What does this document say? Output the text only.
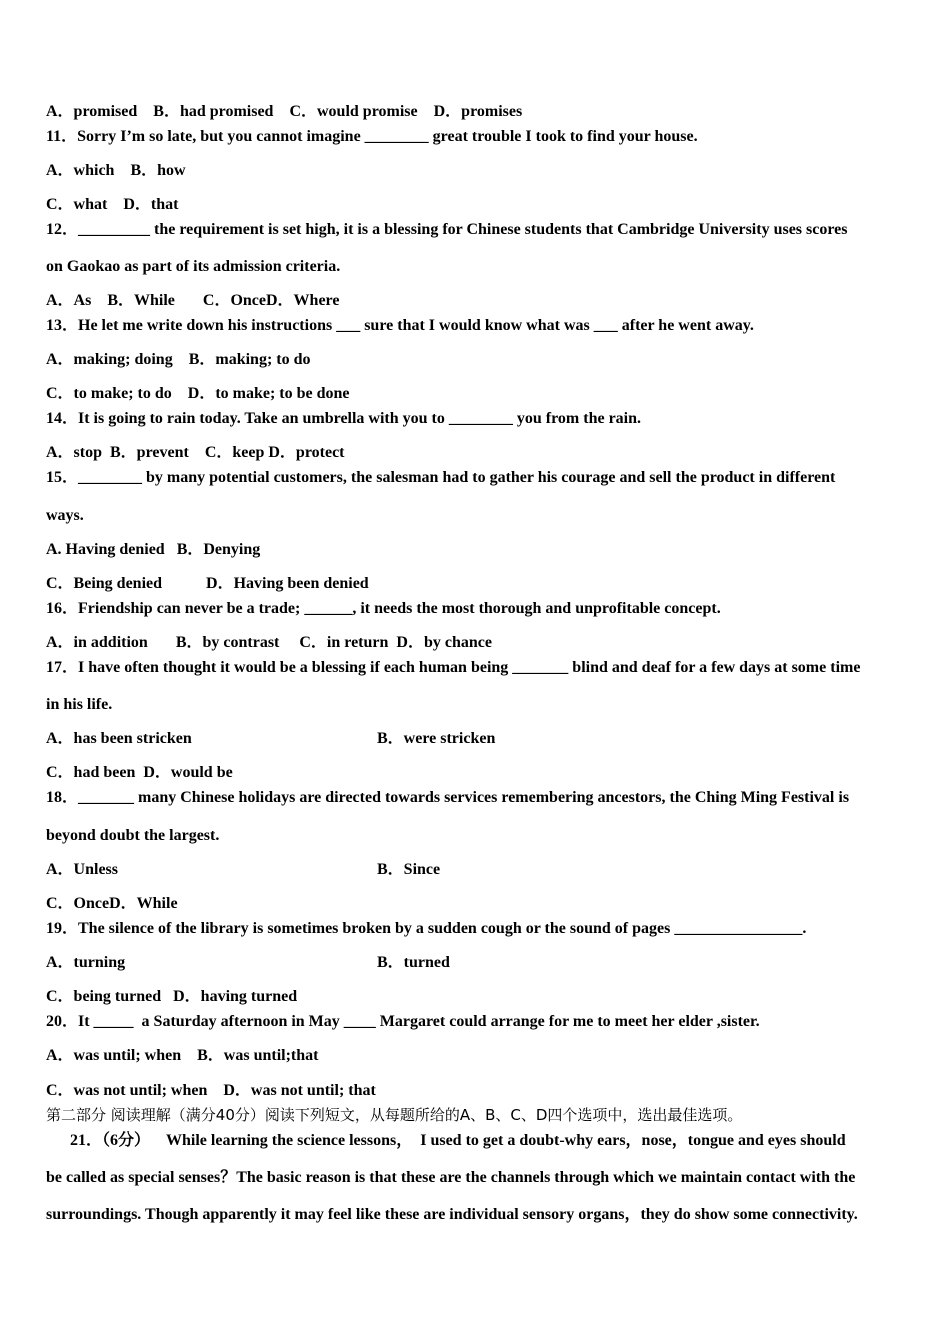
A．promised    B．had promised    C．would promise    D．promises
11．Sorry I’m so late, but you cannot imagine ________ great trouble I took to find your house.
A．which    B．how
C．what    D．that
12．_________ the requirement is set high, it is a blessing for Chinese students that Cambridge University uses scores
on Gaokao as part of its admission criteria.
A．As    B．While       C．OnceD．Where
13．He let me write down his instructions ___ sure that I would know what was ___ after he went away.
A．making; doing    B．making; to do
C．to make; to do    D．to make; to be done
14．It is going to rain today. Take an umbrella with you to ________ you from the rain.
A．stop  B．prevent    C．keep D．protect
15．________ by many potential customers, the salesman had to gather his courage and sell the product in different
ways.
A. Having denied   B．Denying
C．Being denied           D．Having been denied
16．Friendship can never be a trade; ______, it needs the most thorough and unprofitable concept.
A．in addition       B．by contrast     C．in return  D．by chance
17．I have often thought it would be a blessing if each human being _______ blind and deaf for a few days at some time
in his life.
A．has been stricken	B．were stricken
C．had been  D．would be
18．_______ many Chinese holidays are directed towards services remembering ancestors, the Ching Ming Festival is
beyond doubt the largest.
A．Unless	B．Since
C．OnceD．While
19．The silence of the library is sometimes broken by a sudden cough or the sound of pages ________________.
A．turning	B．turned
C．being turned   D．having turned
20．It _____  a Saturday afternoon in May ____ Margaret could arrange for me to meet her elder ,sister.
A．was until; when    B．was until;that
C．was not until; when    D．was not until; that
第二部分 阅读理解（满分40分）阅读下列短文，从每题所给的A、B、C、D四个选项中，选出最佳选项。
21．（6分）    While learning the science lessons，  I used to get a doubt-why ears，nose，tongue and eyes should
be called as special senses？The basic reason is that these are the channels through which we maintain contact with the
surroundings. Though apparently it may feel like these are individual sensory organs，they do show some connectivity.
